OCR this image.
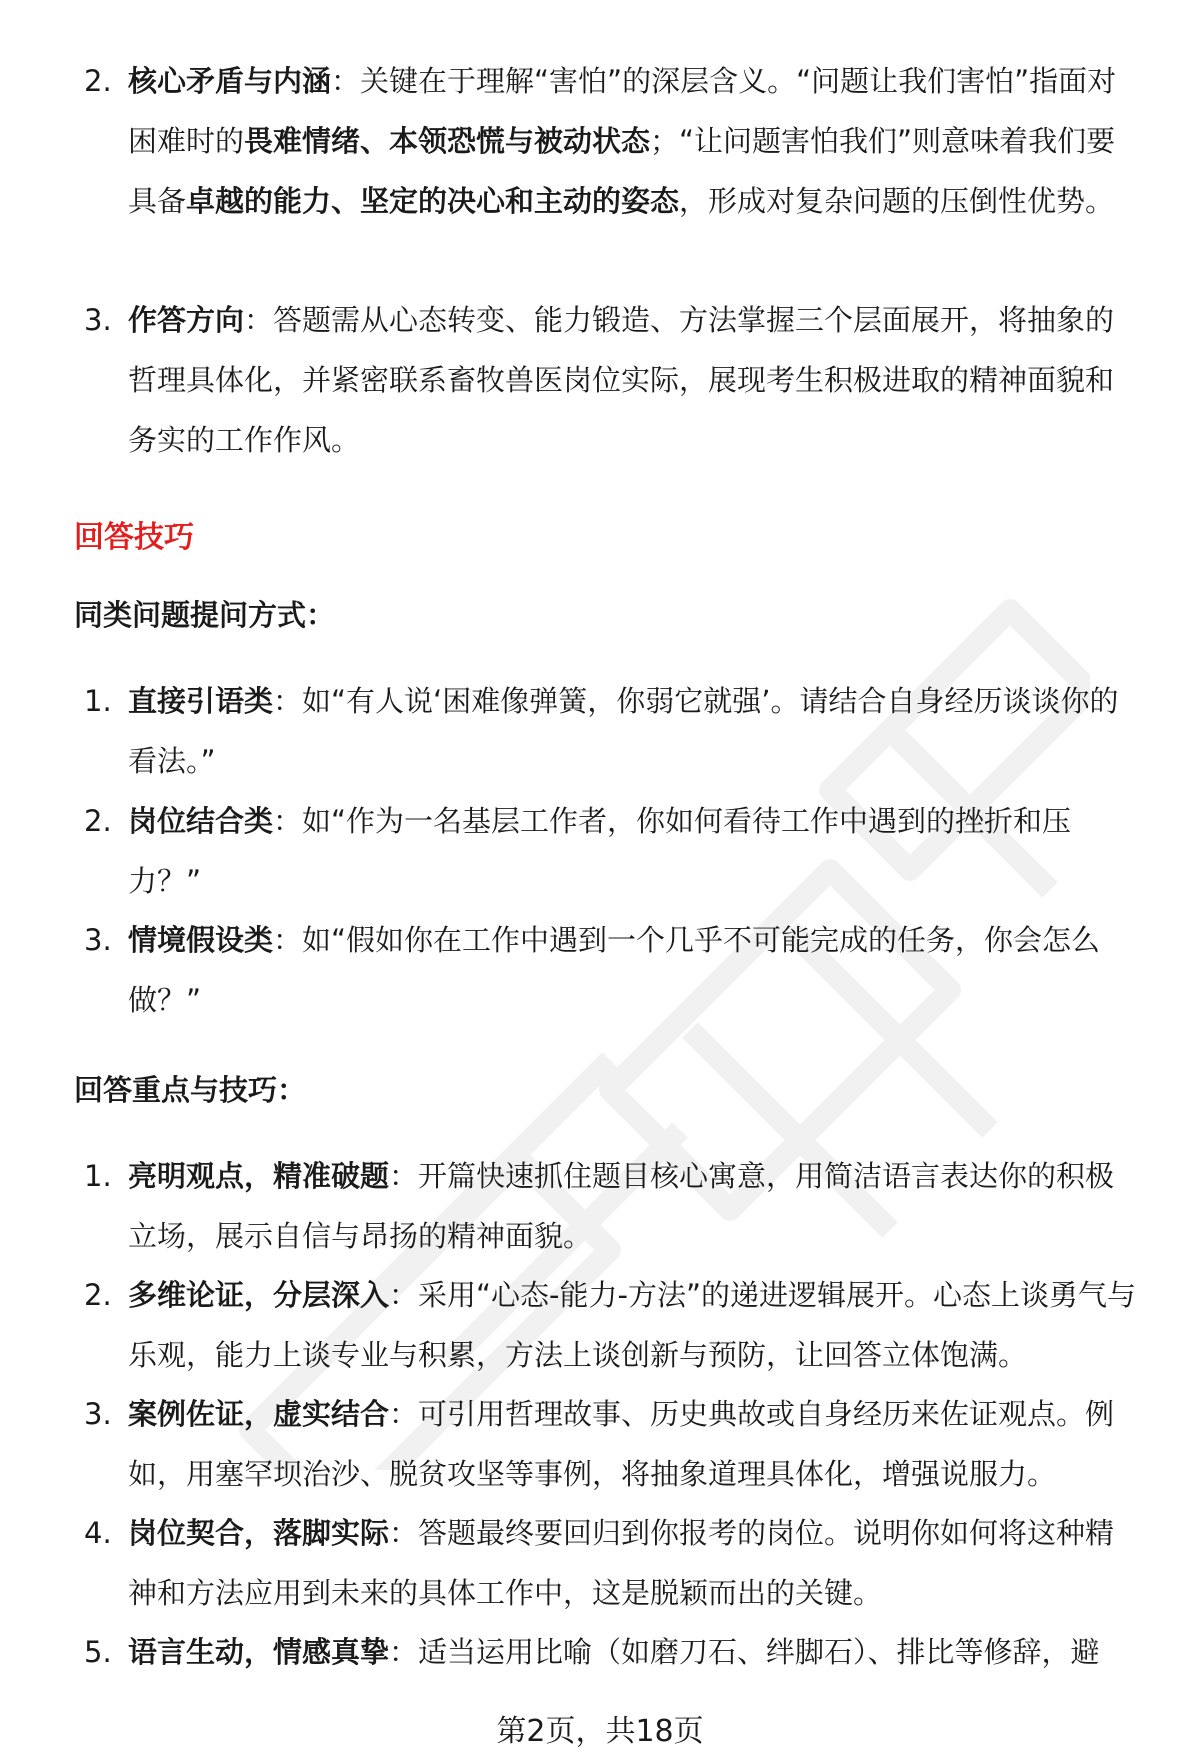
2. 核心矛盾与内涵：关键在于理解“害怕”的深层含义。“问题让我们害怕”指面对困难时的畏难情绪、本领恐慌与被动状态；“让问题害怕我们”则意味着我们要具备卓越的能力、坚定的决心和主动的姿态，形成对复杂问题的压倒性优势。
3. 作答方向：答题需从心态转变、能力锻造、方法掌握三个层面展开，将抽象的哲理具体化，并紧密联系畜牧兽医岗位实际，展现考生积极进取的精神面貌和务实的工作作风。
回答技巧
同类问题提问方式：
1. 直接引语类：如“有人说‘困难像弹簧，你弱它就强’。请结合自身经历谈谈你的看法。”
2. 岗位结合类：如“作为一名基层工作者，你如何看待工作中遇到的挫折和压力？”
3. 情境假设类：如“假如你在工作中遇到一个几乎不可能完成的任务，你会怎么做？”
回答重点与技巧：
1. 亮明观点，精准破题：开篇快速抓住题目核心寓意，用简洁语言表达你的积极立场，展示自信与昂扬的精神面貌。
2. 多维论证，分层深入：采用“心态-能力-方法”的递进逻辑展开。心态上谈勇气与乐观，能力上谈专业与积累，方法上谈创新与预防，让回答立体饱满。
3. 案例佐证，虚实结合：可引用哲理故事、历史典故或自身经历来佐证观点。例如，用塞罕坝治沙、脱贫攻坚等事例，将抽象道理具体化，增强说服力。
4. 岗位契合，落脚实际：答题最终要回归到你报考的岗位。说明你如何将这种精神和方法应用到未来的具体工作中，这是脱颖而出的关键。
5. 语言生动，情感真挚：适当运用比喻（如磨刀石、绊脚石）、排比等修辞，避
第2页，共18页
